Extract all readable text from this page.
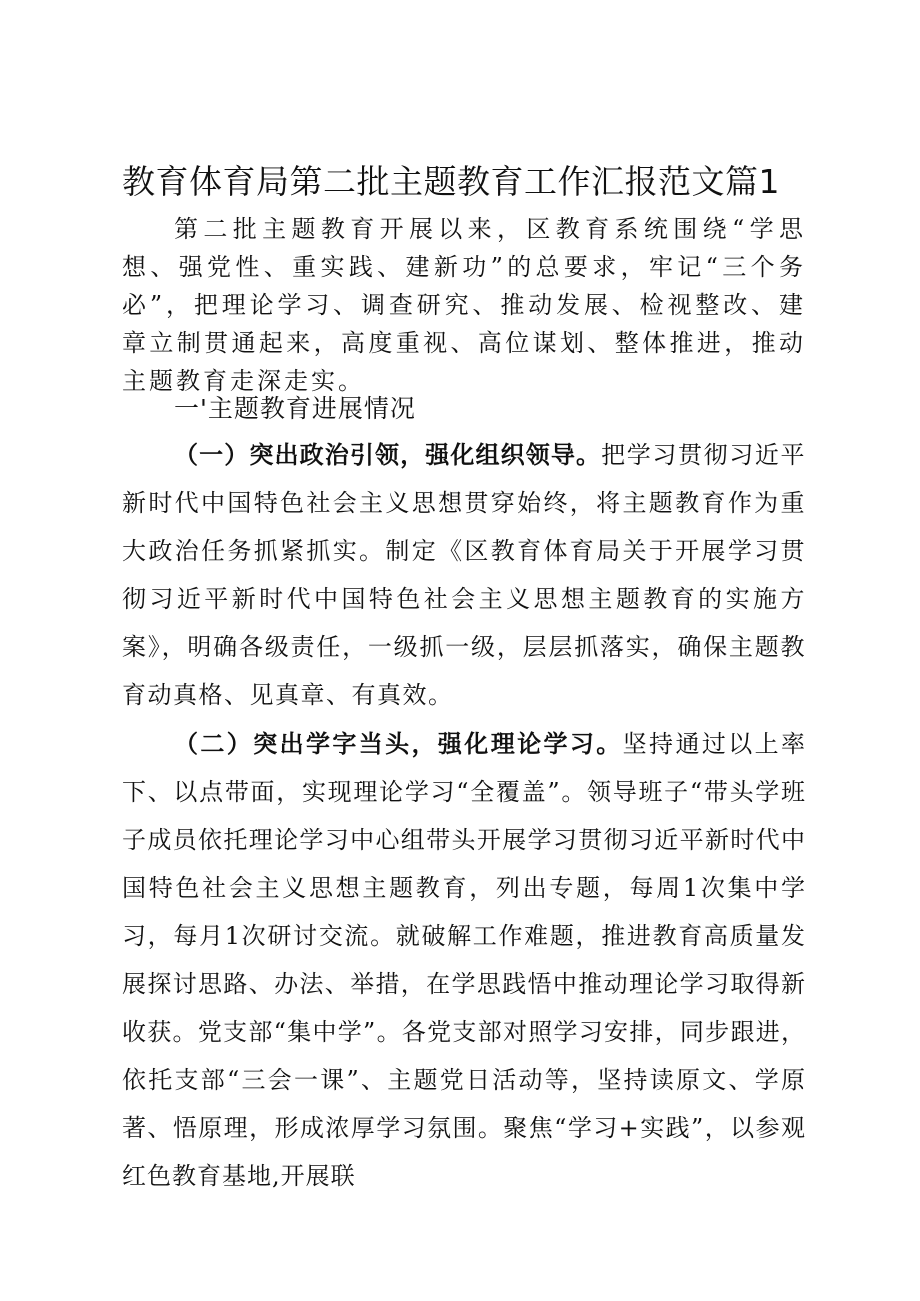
教育体育局第二批主题教育工作汇报范文篇1

第二批主题教育开展以来，区教育系统围绕“学思想、强党性、重实践、建新功”的总要求，牢记“三个务必”，把理论学习、调查研究、推动发展、检视整改、建章立制贯通起来，高度重视、高位谋划、整体推进，推动主题教育走深走实。

一'主题教育进展情况

（一）突出政治引领，强化组织领导。把学习贯彻习近平新时代中国特色社会主义思想贯穿始终，将主题教育作为重大政治任务抓紧抓实。制定《区教育体育局关于开展学习贯彻习近平新时代中国特色社会主义思想主题教育的实施方案》，明确各级责任，一级抓一级，层层抓落实，确保主题教育动真格、见真章、有真效。

（二）突出学字当头，强化理论学习。坚持通过以上率下、以点带面，实现理论学习“全覆盖”。领导班子“带头学班子成员依托理论学习中心组带头开展学习贯彻习近平新时代中国特色社会主义思想主题教育，列出专题，每周1次集中学习，每月1次研讨交流。就破解工作难题，推进教育高质量发展探讨思路、办法、举措，在学思践悟中推动理论学习取得新收获。党支部“集中学”。各党支部对照学习安排，同步跟进，依托支部“三会一课”、主题党日活动等，坚持读原文、学原著、悟原理，形成浓厚学习氛围。聚焦“学习+实践”，以参观红色教育基地,开展联
